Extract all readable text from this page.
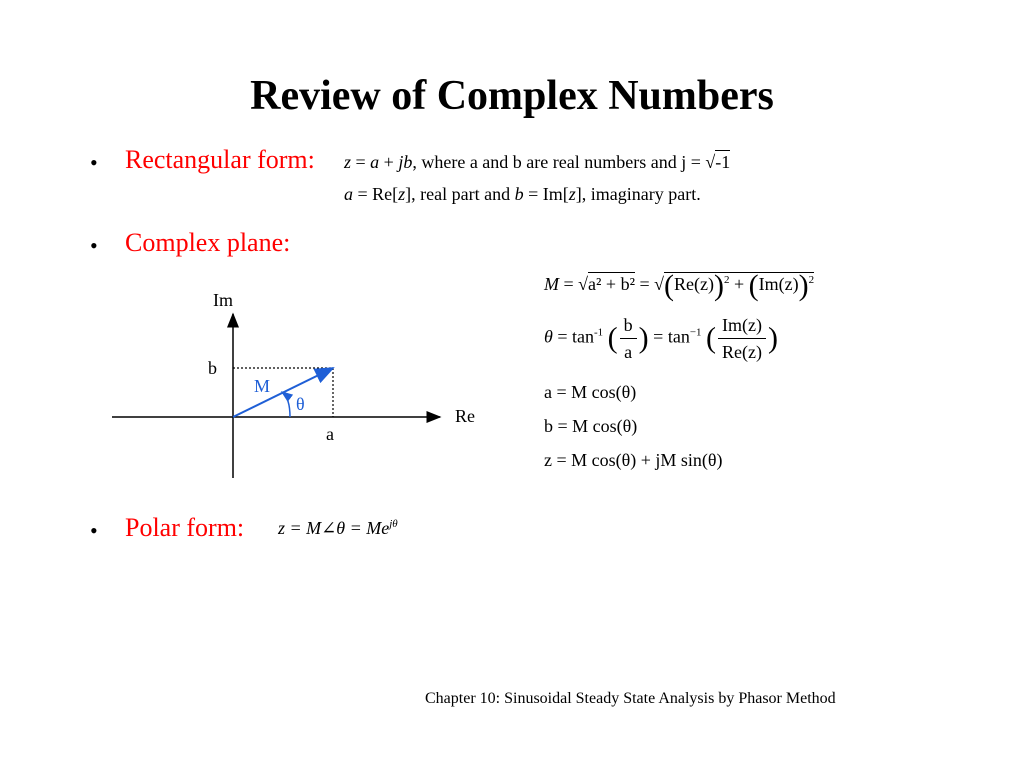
Review of Complex Numbers
• Rectangular form: z = a + jb, where a and b are real numbers and j = √-1
a = Re[z], real part and b = Im[z], imaginary part.
• Complex plane:
Im
Re
b
a
M
θ
$M = √a^2 + b^2 = √(Re(z))^2 + (Im(z))^2$
$\theta = \tan^{-1}$ ( $\frac{b}{a}$ ) = $\tan^{-1}$ ( $\frac{Im(z)}{Re(z)}$ )
a = M cos(θ)
b = M cos(θ)
z = M cos(θ) + jM sin(θ)
• Polar form: z = M∠θ = $Me^{j\theta}$
Chapter 10: Sinusoidal Steady State Analysis by Phasor Method
